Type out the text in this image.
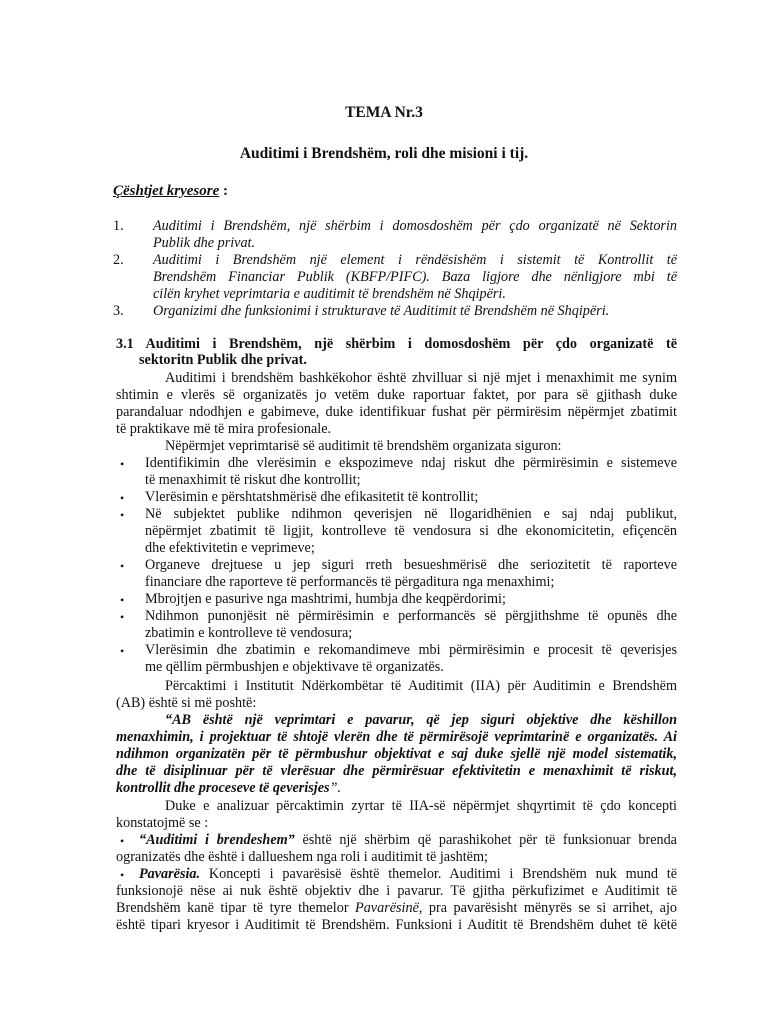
TEMA Nr.3
Auditimi i Brendshëm, roli dhe misioni i tij.
Çështjet kryesore :
1. Auditimi i Brendshëm, një shërbim i domosdoshëm për çdo organizatë në Sektorin
Publik dhe privat.
2. Auditimi i Brendshëm një element i rëndësishëm i sistemit të Kontrollit të
Brendshëm Financiar Publik (KBFP/PIFC). Baza ligjore dhe nënligjore mbi të
cilën kryhet veprimtaria e auditimit të brendshëm në Shqipëri.
3. Organizimi dhe funksionimi i strukturave të Auditimit të Brendshëm në Shqipëri.
3.1 Auditimi i Brendshëm, një shërbim i domosdoshëm për çdo organizatë të
sektoritn Publik dhe privat.
Auditimi i brendshëm bashkëkohor është zhvilluar si një mjet i menaxhimit me synim
shtimin e vlerës së organizatës jo vetëm duke raportuar faktet, por para së gjithash duke
parandaluar ndodhjen e gabimeve, duke identifikuar fushat për përmirësim nëpërmjet zbatimit
të praktikave më të mira profesionale.
Nëpërmjet veprimtarisë së auditimit të brendshëm organizata siguron:
• Identifikimin dhe vlerësimin e ekspozimeve ndaj riskut dhe përmirësimin e sistemeve
të menaxhimit të riskut dhe kontrollit;
• Vlerësimin e përshtatshmërisë dhe efikasitetit të kontrollit;
• Në subjektet publike ndihmon qeverisjen në llogaridhënien e saj ndaj publikut,
nëpërmjet zbatimit të ligjit, kontrolleve të vendosura si dhe ekonomicitetin, efiçencën
dhe efektivitetin e veprimeve;
• Organeve drejtuese u jep siguri rreth besueshmërisë dhe seriozitetit të raporteve
financiare dhe raporteve të performancës të përgaditura nga menaxhimi;
• Mbrojtjen e pasurive nga mashtrimi, humbja dhe keqpërdorimi;
• Ndihmon punonjësit në përmirësimin e performancës së përgjithshme të opunës dhe
zbatimin e kontrolleve të vendosura;
• Vlerësimin dhe zbatimin e rekomandimeve mbi përmirësimin e procesit të qeverisjes
me qëllim përmbushjen e objektivave të organizatës.
Përcaktimi i Institutit Ndërkombëtar të Auditimit (IIA) për Auditimin e Brendshëm
(AB) është si më poshtë:
“AB është një veprimtari e pavarur, që jep siguri objektive dhe këshillon
menaxhimin, i projektuar të shtojë vlerën dhe të përmirësojë veprimtarinë e organizatës. Ai
ndihmon organizatën për të përmbushur objektivat e saj duke sjellë një model sistematik,
dhe të disiplinuar për të vlerësuar dhe përmirësuar efektivitetin e menaxhimit të riskut,
kontrollit dhe proceseve të qeverisjes”.
Duke e analizuar përcaktimin zyrtar të IIA-së nëpërmjet shqyrtimit të çdo koncepti
konstatojmë se :
• “Auditimi i brendeshem” është një shërbim që parashikohet për të funksionuar brenda
ogranizatës dhe është i dallueshem nga roli i auditimit të jashtëm;
• Pavarësia. Koncepti i pavarësisë është themelor. Auditimi i Brendshëm nuk mund të
funksionojë nëse ai nuk është objektiv dhe i pavarur. Të gjitha përkufizimet e Auditimit të
Brendshëm kanë tipar të tyre themelor Pavarësinë, pra pavarësisht mënyrës se si arrihet, ajo
është tipari kryesor i Auditimit të Brendshëm. Funksioni i Auditit të Brendshëm duhet të këtë
